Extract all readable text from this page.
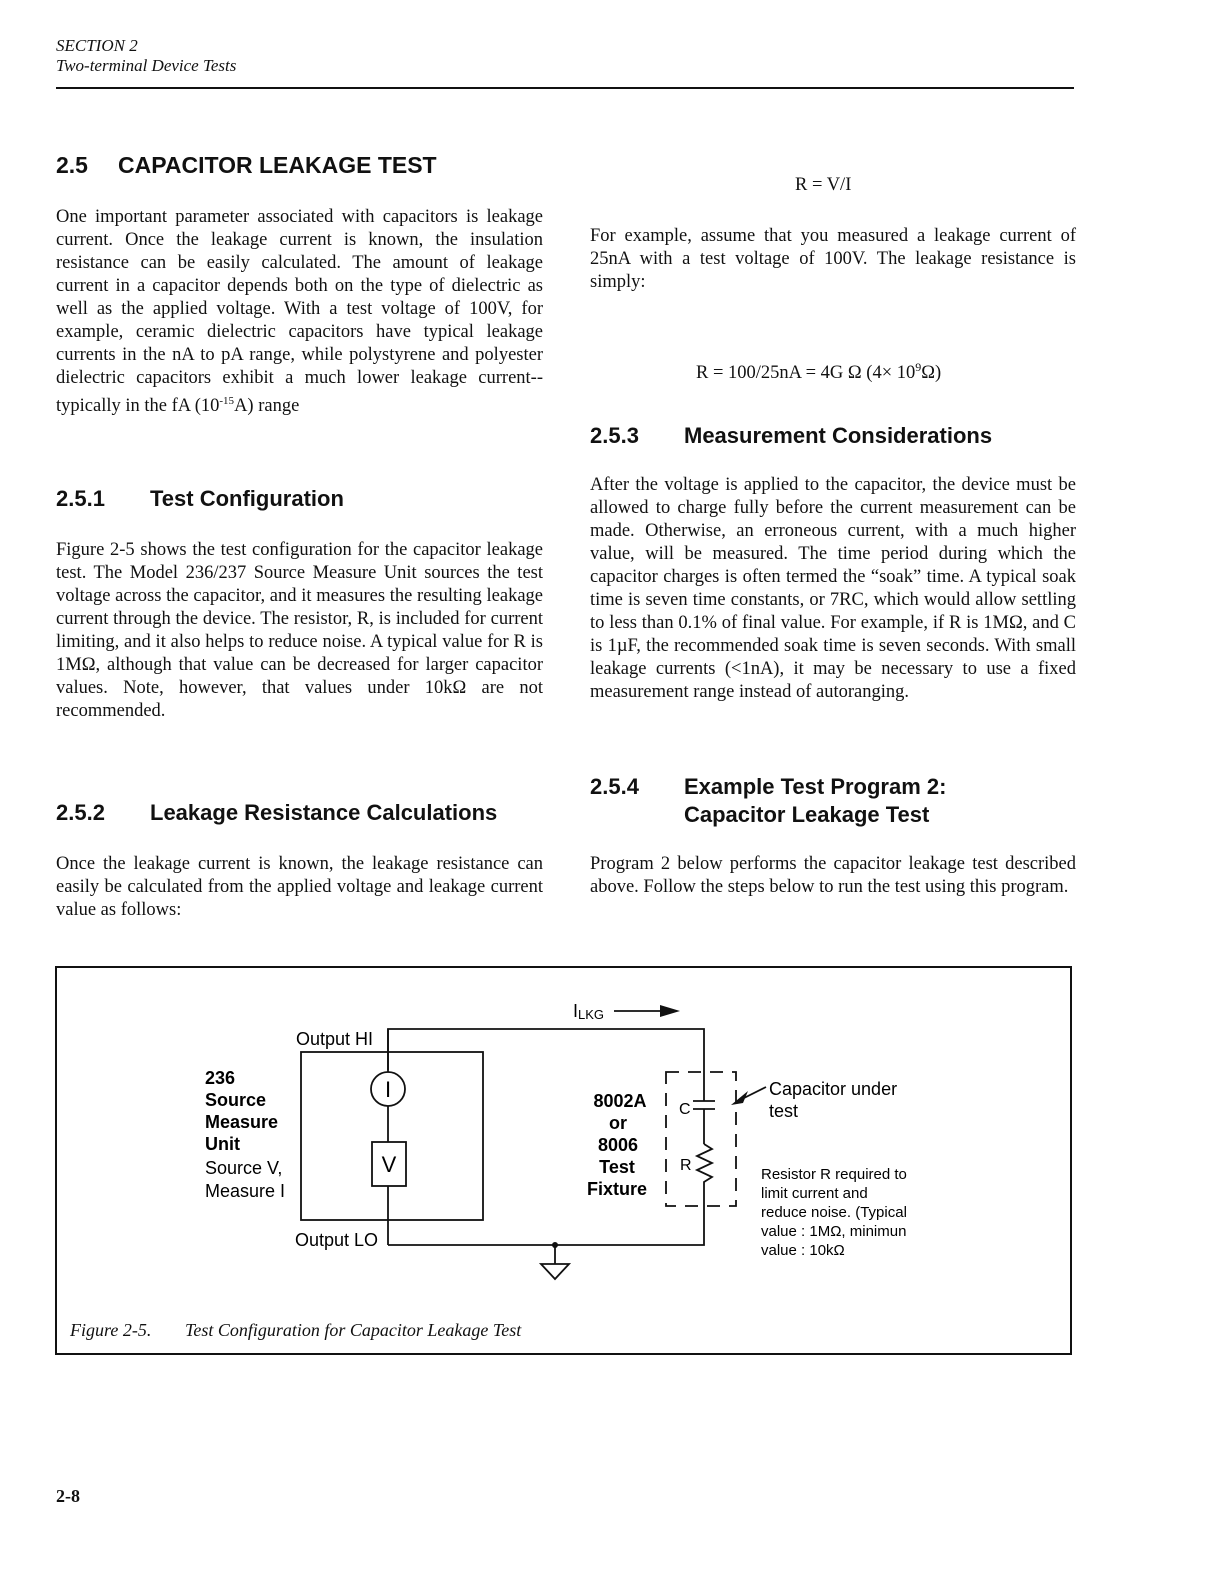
SECTION 2
Two-terminal Device Tests
2.5 CAPACITOR LEAKAGE TEST

One important parameter associated with capacitors is leakage current. Once the leakage current is known, the insulation resistance can be easily calculated. The amount of leakage current in a capacitor depends both on the type of dielectric as well as the applied voltage. With a test voltage of 100V, for example, ceramic dielectric capacitors have typical leakage currents in the nA to pA range, while polystyrene and polyester dielectric capacitors exhibit a much lower leakage current--typically in the fA $(10^{-15}A)$ range

2.5.1 Test Configuration

Figure 2-5 shows the test configuration for the capacitor leakage test. The Model 236/237 Source Measure Unit sources the test voltage across the capacitor, and it measures the resulting leakage current through the device. The resistor, R, is included for current limiting, and it also helps to reduce noise. A typical value for R is 1MΩ, although that value can be decreased for larger capacitor values. Note, however, that values under 10kΩ are not recommended.

2.5.2 Leakage Resistance Calculations

Once the leakage current is known, the leakage resistance can easily be calculated from the applied voltage and leakage current value as follows:

R = V/I

For example, assume that you measured a leakage current of 25nA with a test voltage of 100V. The leakage resistance is simply:

R = 100/25nA = 4G Ω $(4\times 10^9\Omega)$
2.5.3 Measurement Considerations

After the voltage is applied to the capacitor, the device must be allowed to charge fully before the current measurement can be made. Otherwise, an erroneous current, with a much higher value, will be measured. The time period during which the capacitor charges is often termed the “soak” time. A typical soak time is seven time constants, or 7RC, which would allow settling to less than 0.1% of final value. For example, if R is 1MΩ, and C is 1µF, the recommended soak time is seven seconds. With small leakage currents (<1nA), it may be necessary to use a fixed measurement range instead of autoranging.

2.5.4 Example Test Program 2:
Capacitor Leakage Test

Program 2 below performs the capacitor leakage test described above. Follow the steps below to run the test using this program.

236
Source
Measure
Unit
Source V,
Measure I
Output HI
Output LO
I
V
ILKG
8002A
or
8006
Test
Fixture
C
R
Capacitor under
test
Resistor R required to
limit current and
reduce noise. (Typical
value : 1MΩ, minimun
value : 10kΩ
Figure 2-5. Test Configuration for Capacitor Leakage Test
2-8
